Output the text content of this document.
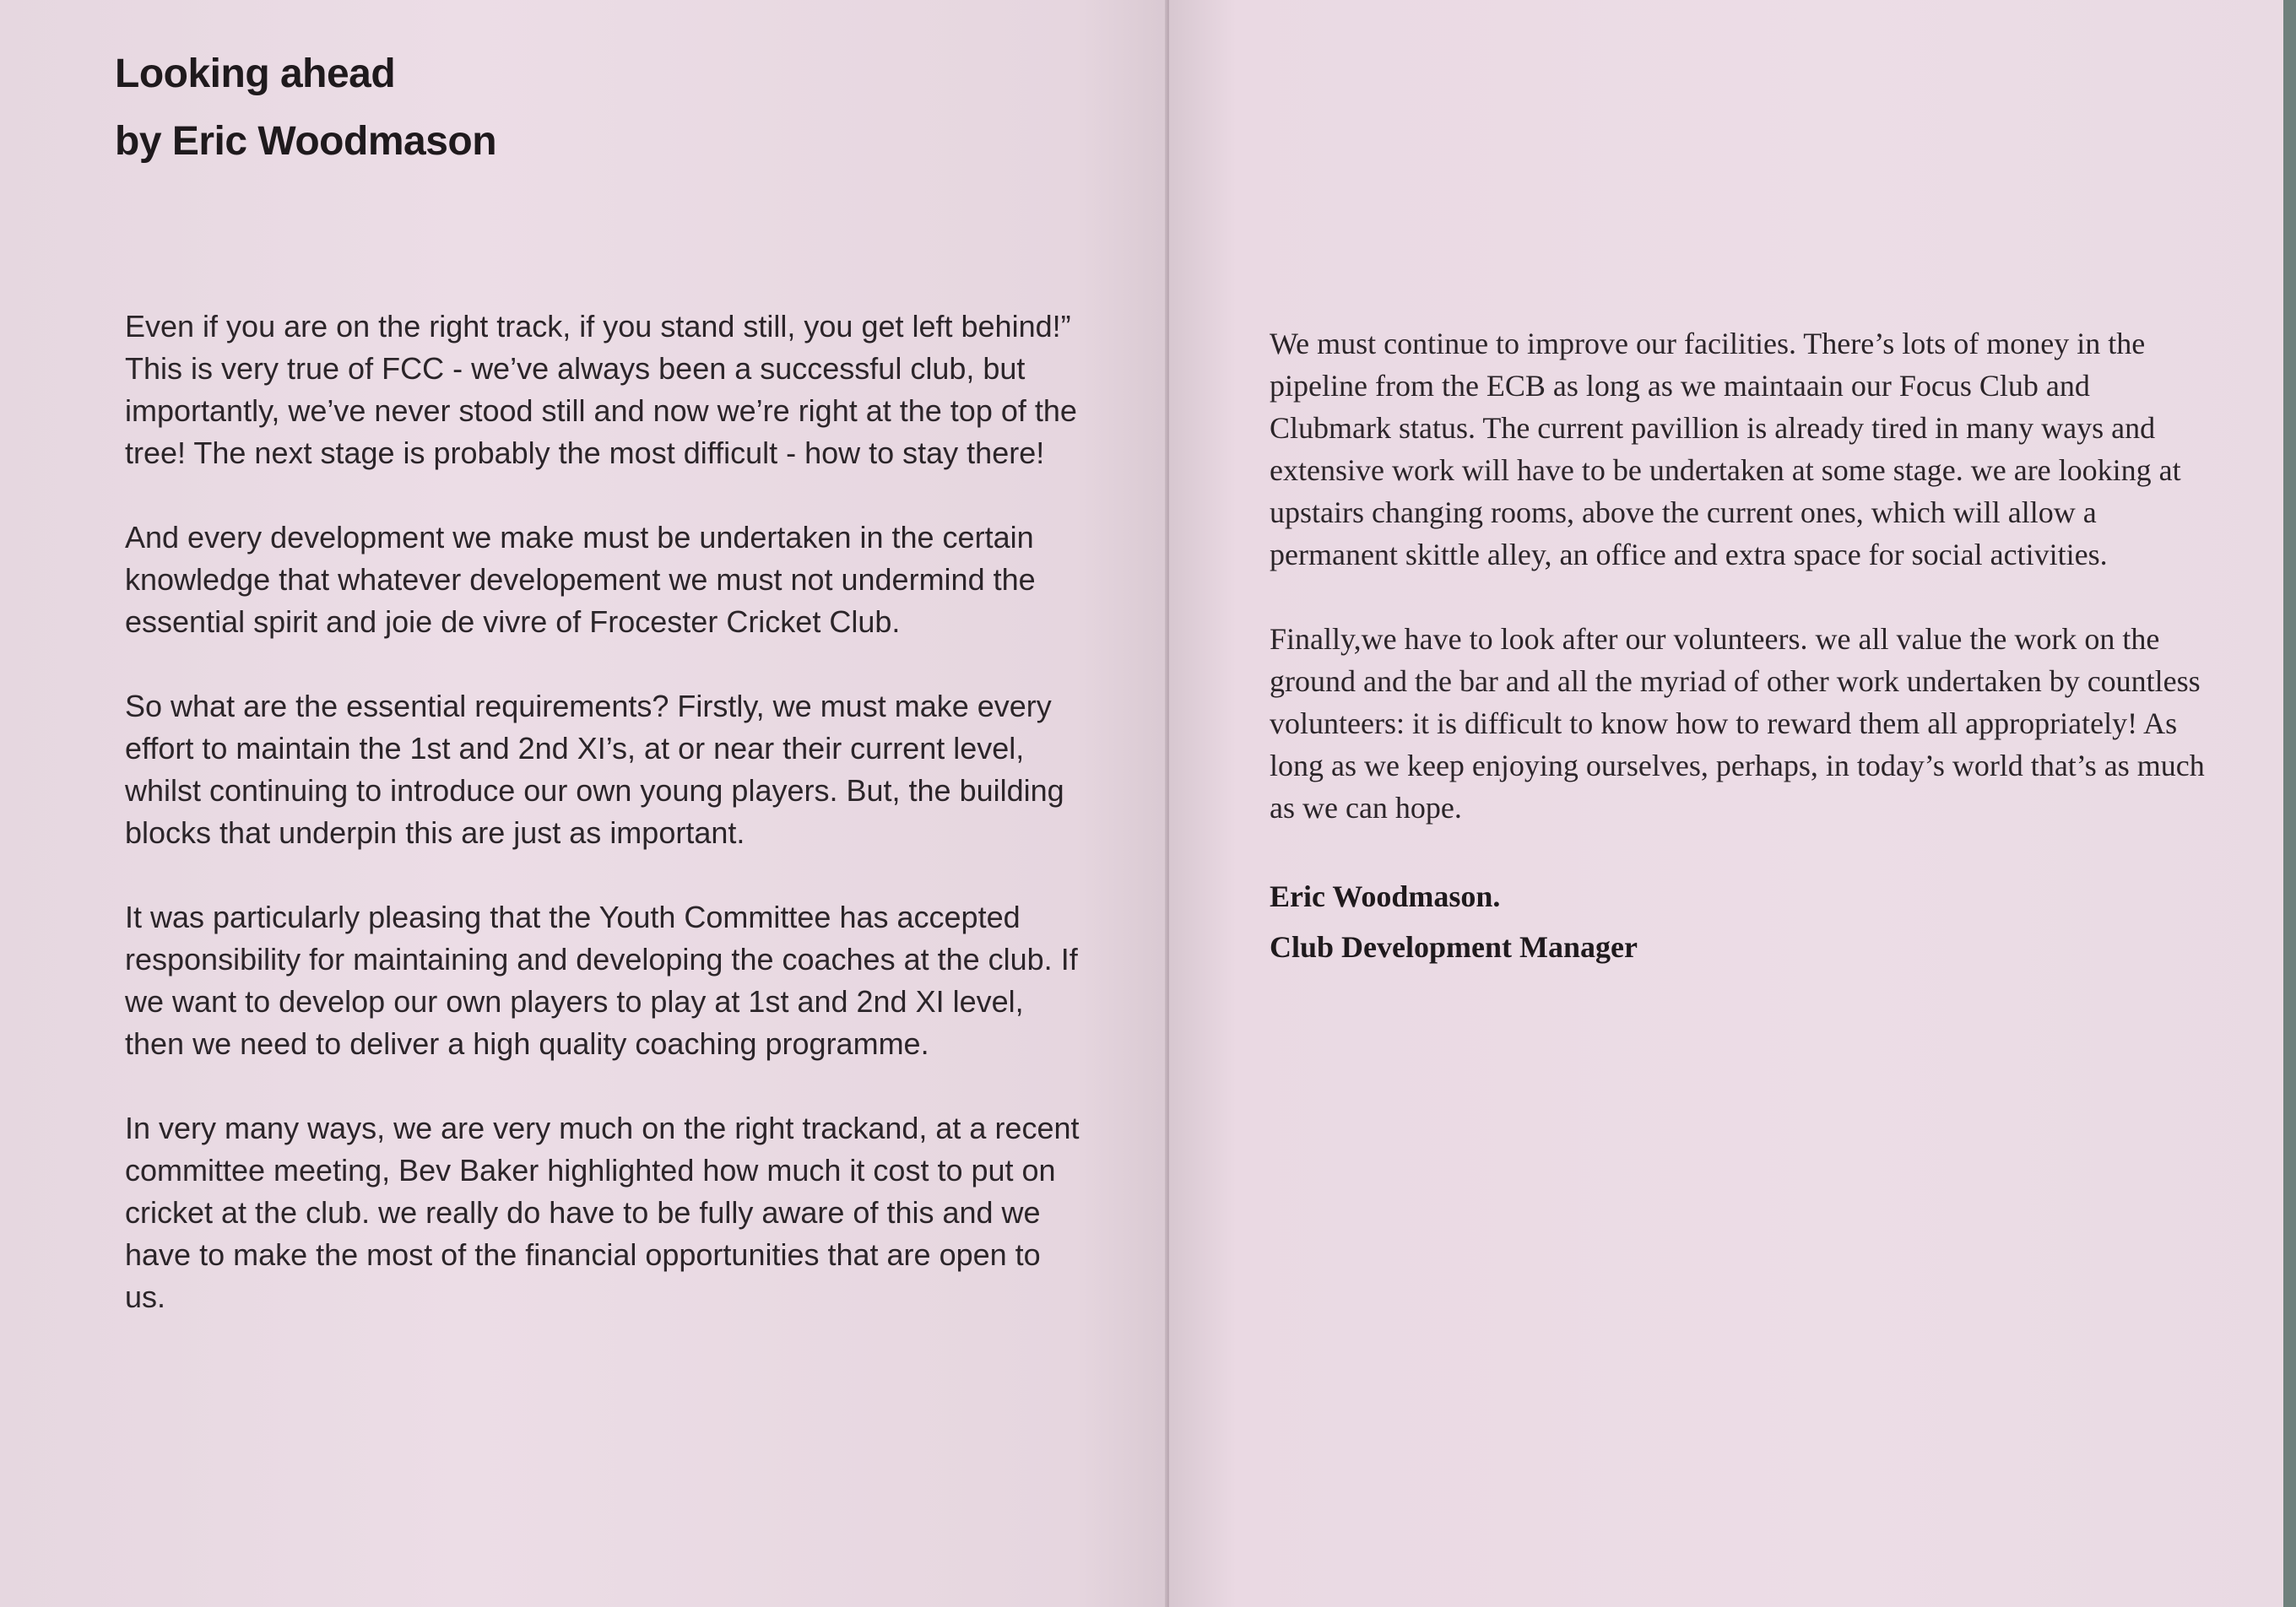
Looking ahead
by Eric Woodmason

Even if you are on the right track, if you stand still, you get left behind!” This is very true of FCC - we’ve always been a successful club, but importantly, we’ve never stood still and now we’re right at the top of the tree! The next stage is probably the most difficult - how to stay there!

And every development we make must be undertaken in the certain knowledge that whatever developement we must not undermind the essential spirit and joie de vivre of Frocester Cricket Club.

So what are the essential requirements? Firstly, we must make every effort to maintain the 1st and 2nd XI’s, at or near their current level, whilst continuing to introduce our own young players. But, the building blocks that underpin this are just as important.

It was particularly pleasing that the Youth Committee has accepted responsibility for maintaining and developing the coaches at the club. If we want to develop our own players to play at 1st and 2nd XI level, then we need to deliver a high quality coaching programme.

In very many ways, we are very much on the right trackand, at a recent committee meeting, Bev Baker highlighted how much it cost to put on cricket at the club. we really do have to be fully aware of this and we have to make the most of the financial opportunities that are open to us.

We must continue to improve our facilities. There’s lots of money in the pipeline from the ECB as long as we maintaain our Focus Club and Clubmark status. The current pavillion is already tired in many ways and extensive work will have to be undertaken at some stage. we are looking at upstairs changing rooms, above the current ones, which will allow a permanent skittle alley, an office and extra space for social activities.

Finally,we have to look after our volunteers. we all value the work on the ground and the bar and all the myriad of other work undertaken by countless volunteers: it is difficult to know how to reward them all appropriately! As long as we keep enjoying ourselves, perhaps, in today’s world that’s as much as we can hope.

Eric Woodmason.
Club Development Manager
